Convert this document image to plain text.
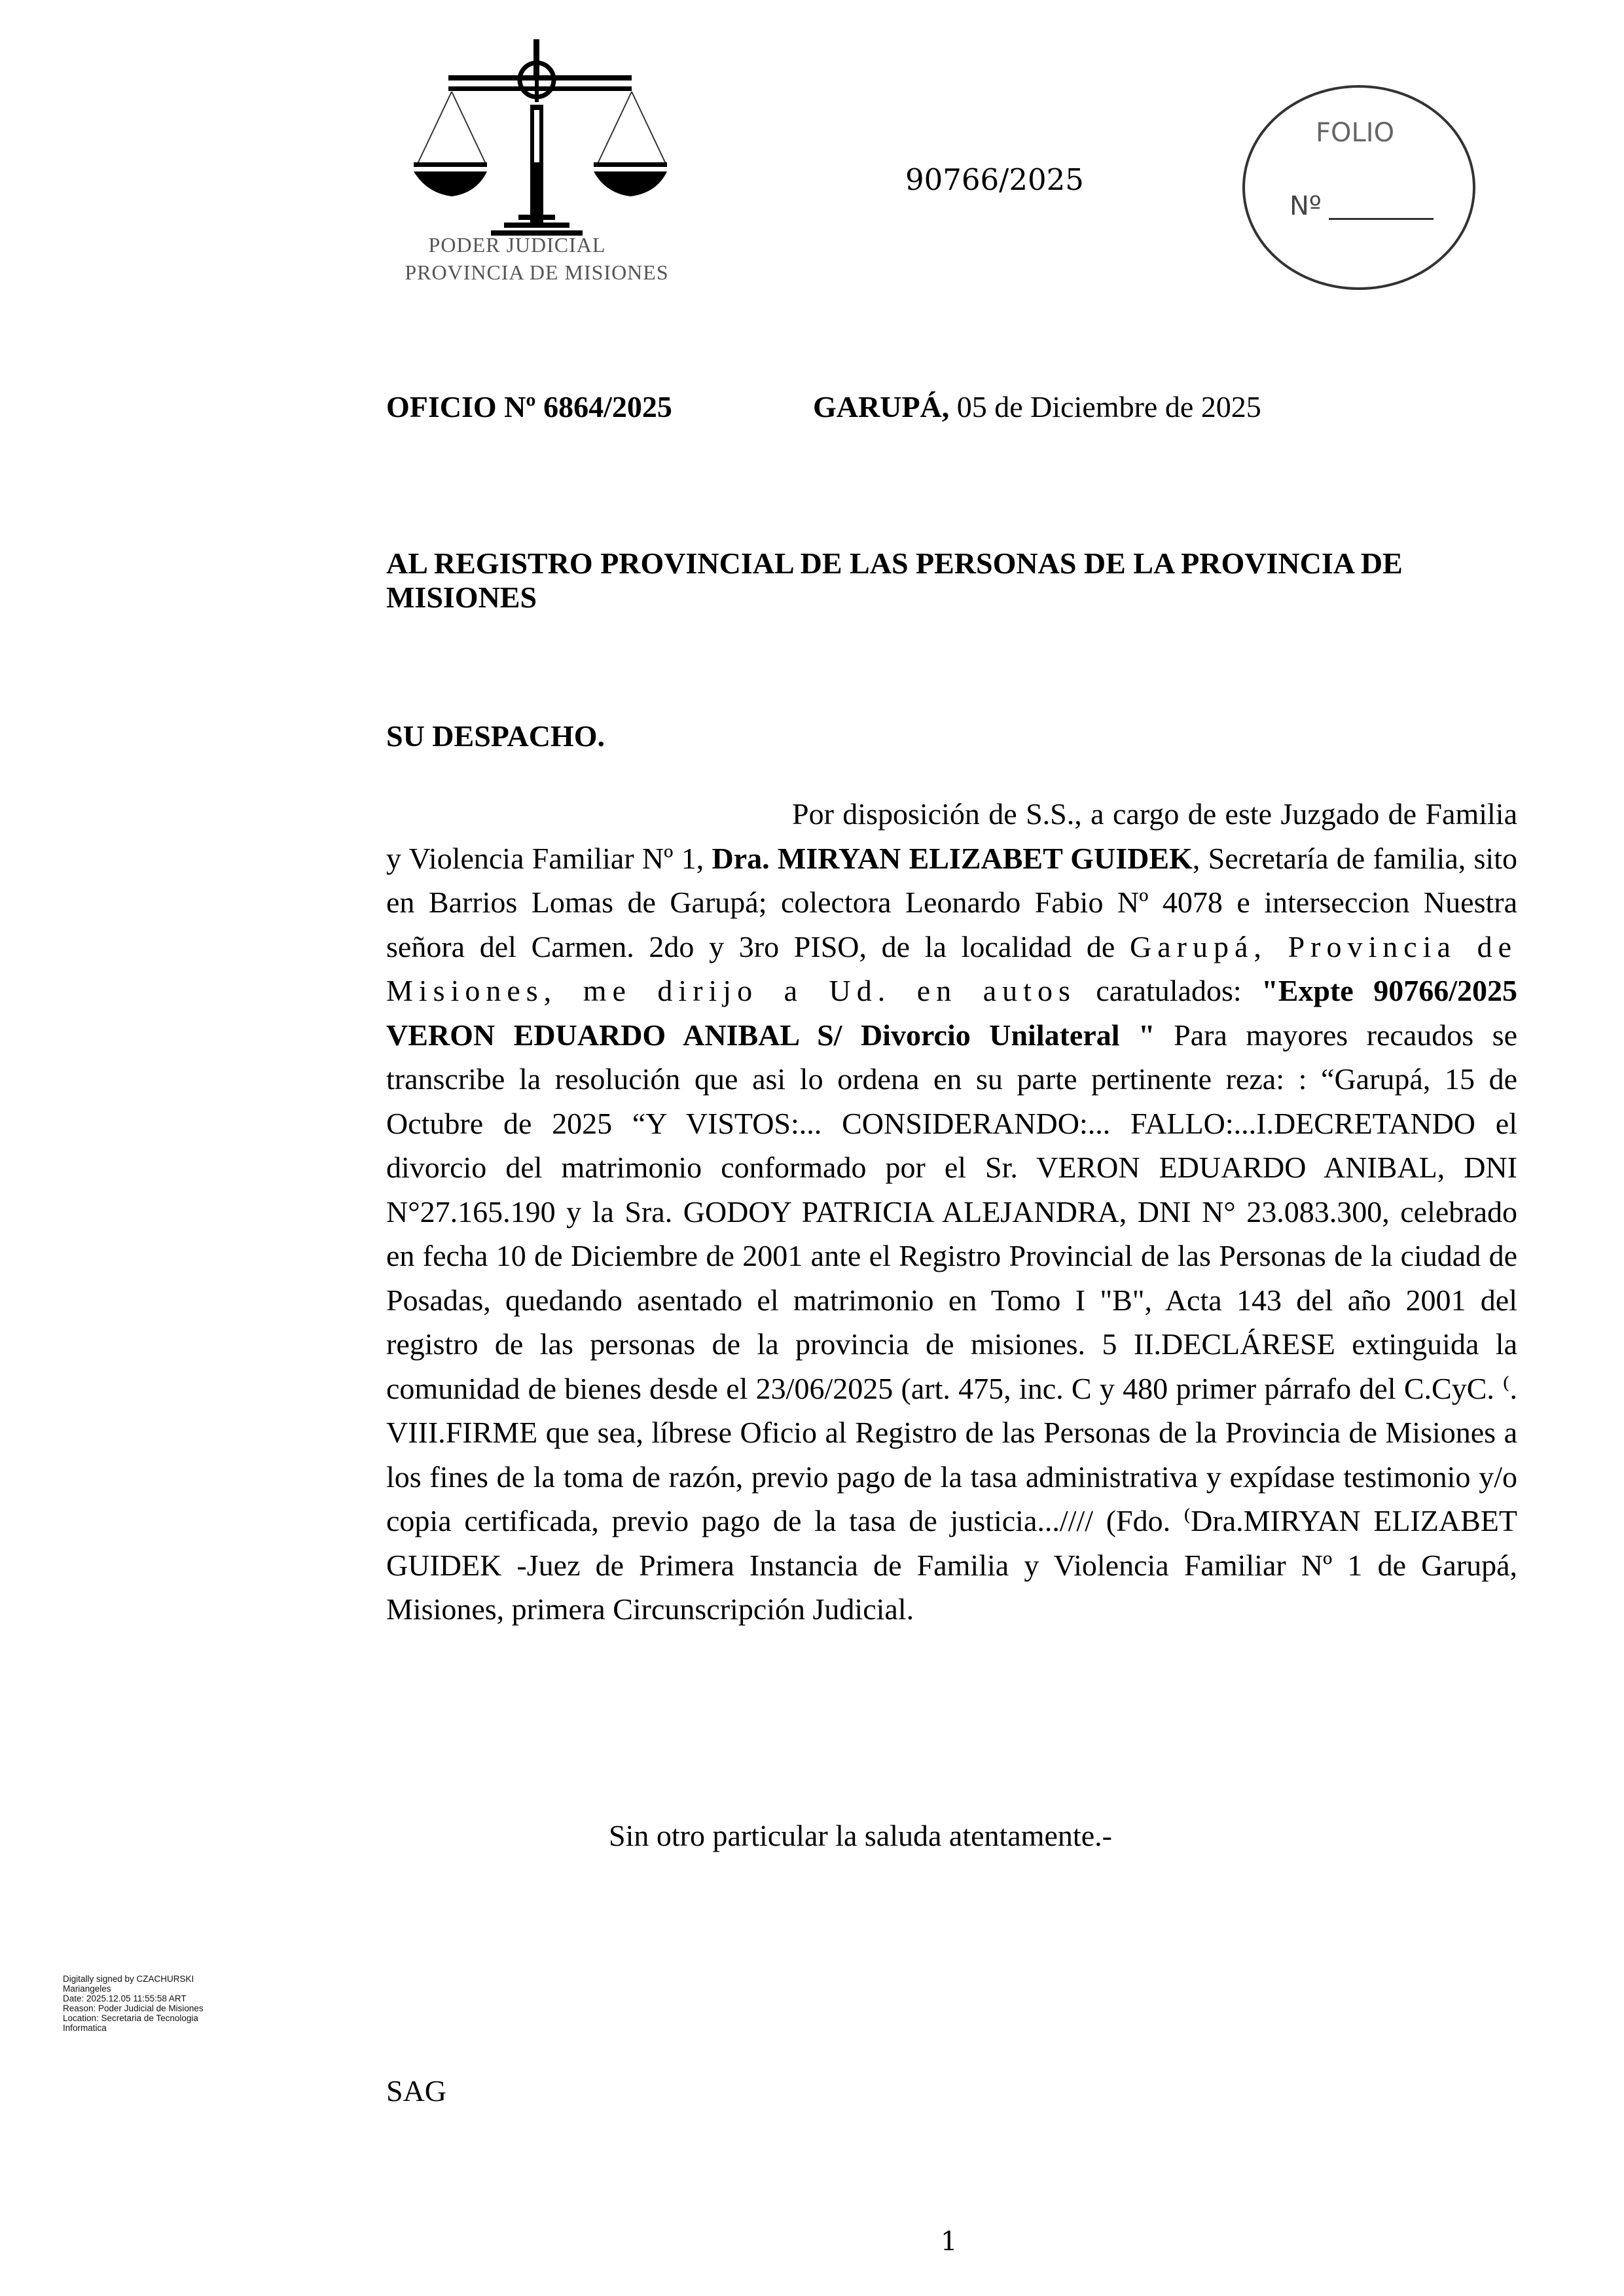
PODER JUDICIAL
PROVINCIA DE MISIONES
90766/2025
FOLIO
Nº
OFICIO Nº 6864/2025	GARUPÁ, 05 de Diciembre de 2025
AL REGISTRO PROVINCIAL DE LAS PERSONAS DE LA PROVINCIA DE MISIONES
SU DESPACHO.
Por disposición de S.S., a cargo de este Juzgado de Familia y Violencia Familiar Nº 1, Dra. MIRYAN ELIZABET GUIDEK, Secretaría de familia, sito en Barrios Lomas de Garupá; colectora Leonardo Fabio Nº 4078 e interseccion Nuestra señora del Carmen. 2do y 3ro PISO, de la localidad de Garupá, Provincia de Misiones, me dirijo a Ud. en autos caratulados: "Expte 90766/2025 VERON EDUARDO ANIBAL S/ Divorcio Unilateral " Para mayores recaudos se transcribe la resolución que asi lo ordena en su parte pertinente reza: : “Garupá, 15 de Octubre de 2025 “Y VISTOS:... CONSIDERANDO:... FALLO:...I.DECRETANDO el divorcio del matrimonio conformado por el Sr. VERON EDUARDO ANIBAL, DNI N°27.165.190 y la Sra. GODOY PATRICIA ALEJANDRA, DNI N° 23.083.300, celebrado en fecha 10 de Diciembre de 2001 ante el Registro Provincial de las Personas de la ciudad de Posadas, quedando asentado el matrimonio en Tomo I "B", Acta 143 del año 2001 del registro de las personas de la provincia de misiones. 5 II.DECLÁRESE extinguida la comunidad de bienes desde el 23/06/2025 (art. 475, inc. C y 480 primer párrafo del C.CyC. ⁽. VIII.FIRME que sea, líbrese Oficio al Registro de las Personas de la Provincia de Misiones a los fines de la toma de razón, previo pago de la tasa administrativa y expídase testimonio y/o copia certificada, previo pago de la tasa de justicia...//// (Fdo. ⁽Dra.MIRYAN ELIZABET GUIDEK -Juez de Primera Instancia de Familia y Violencia Familiar Nº 1 de Garupá, Misiones, primera Circunscripción Judicial.
Sin otro particular la saluda atentamente.-
Digitally signed by CZACHURSKI
Mariangeles
Date: 2025.12.05 11:55:58 ART
Reason: Poder Judicial de Misiones
Location: Secretaria de Tecnologia
Informatica
SAG
1
